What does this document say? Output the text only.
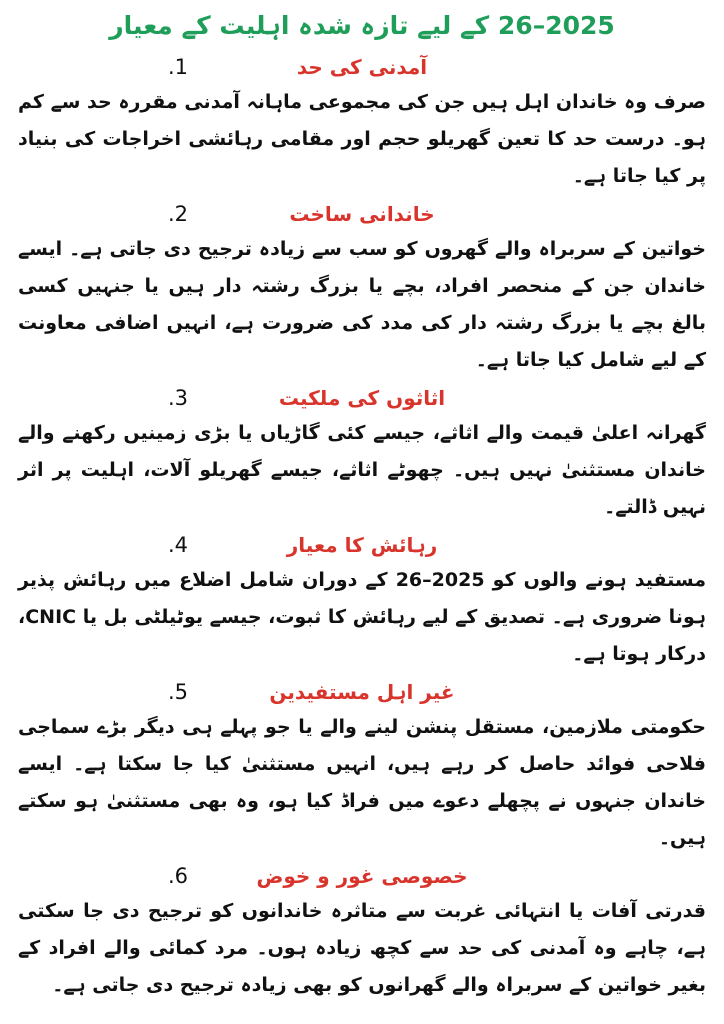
2025–26 کے لیے تازہ شدہ اہلیت کے معیار
آمدنی کی حد
.1
صرف وہ خاندان اہل ہیں جن کی مجموعی ماہانہ آمدنی مقررہ حد سے کم ہو۔ درست حد کا تعین گھریلو حجم اور مقامی رہائشی اخراجات کی بنیاد پر کیا جاتا ہے۔
خاندانی ساخت
.2
خواتین کے سربراہ والے گھروں کو سب سے زیادہ ترجیح دی جاتی ہے۔ ایسے خاندان جن کے منحصر افراد، بچے یا بزرگ رشتہ دار ہیں یا جنہیں کسی بالغ بچے یا بزرگ رشتہ دار کی مدد کی ضرورت ہے، انہیں اضافی معاونت کے لیے شامل کیا جاتا ہے۔
اثاثوں کی ملکیت
.3
گھرانہ اعلیٰ قیمت والے اثاثے، جیسے کئی گاڑیاں یا بڑی زمینیں رکھنے والے خاندان مستثنیٰ نہیں ہیں۔ چھوٹے اثاثے، جیسے گھریلو آلات، اہلیت پر اثر نہیں ڈالتے۔
رہائش کا معیار
.4
مستفید ہونے والوں کو 2025–26 کے دوران شامل اضلاع میں رہائش پذیر ہونا ضروری ہے۔ تصدیق کے لیے رہائش کا ثبوت، جیسے یوٹیلٹی بل یا CNIC، درکار ہوتا ہے۔
غیر اہل مستفیدین
.5
حکومتی ملازمین، مستقل پنشن لینے والے یا جو پہلے ہی دیگر بڑے سماجی فلاحی فوائد حاصل کر رہے ہیں، انہیں مستثنیٰ کیا جا سکتا ہے۔ ایسے خاندان جنہوں نے پچھلے دعوے میں فراڈ کیا ہو، وہ بھی مستثنیٰ ہو سکتے ہیں۔
خصوصی غور و خوض
.6
قدرتی آفات یا انتہائی غربت سے متاثرہ خاندانوں کو ترجیح دی جا سکتی ہے، چاہے وہ آمدنی کی حد سے کچھ زیادہ ہوں۔ مرد کمائی والے افراد کے بغیر خواتین کے سربراہ والے گھرانوں کو بھی زیادہ ترجیح دی جاتی ہے۔
